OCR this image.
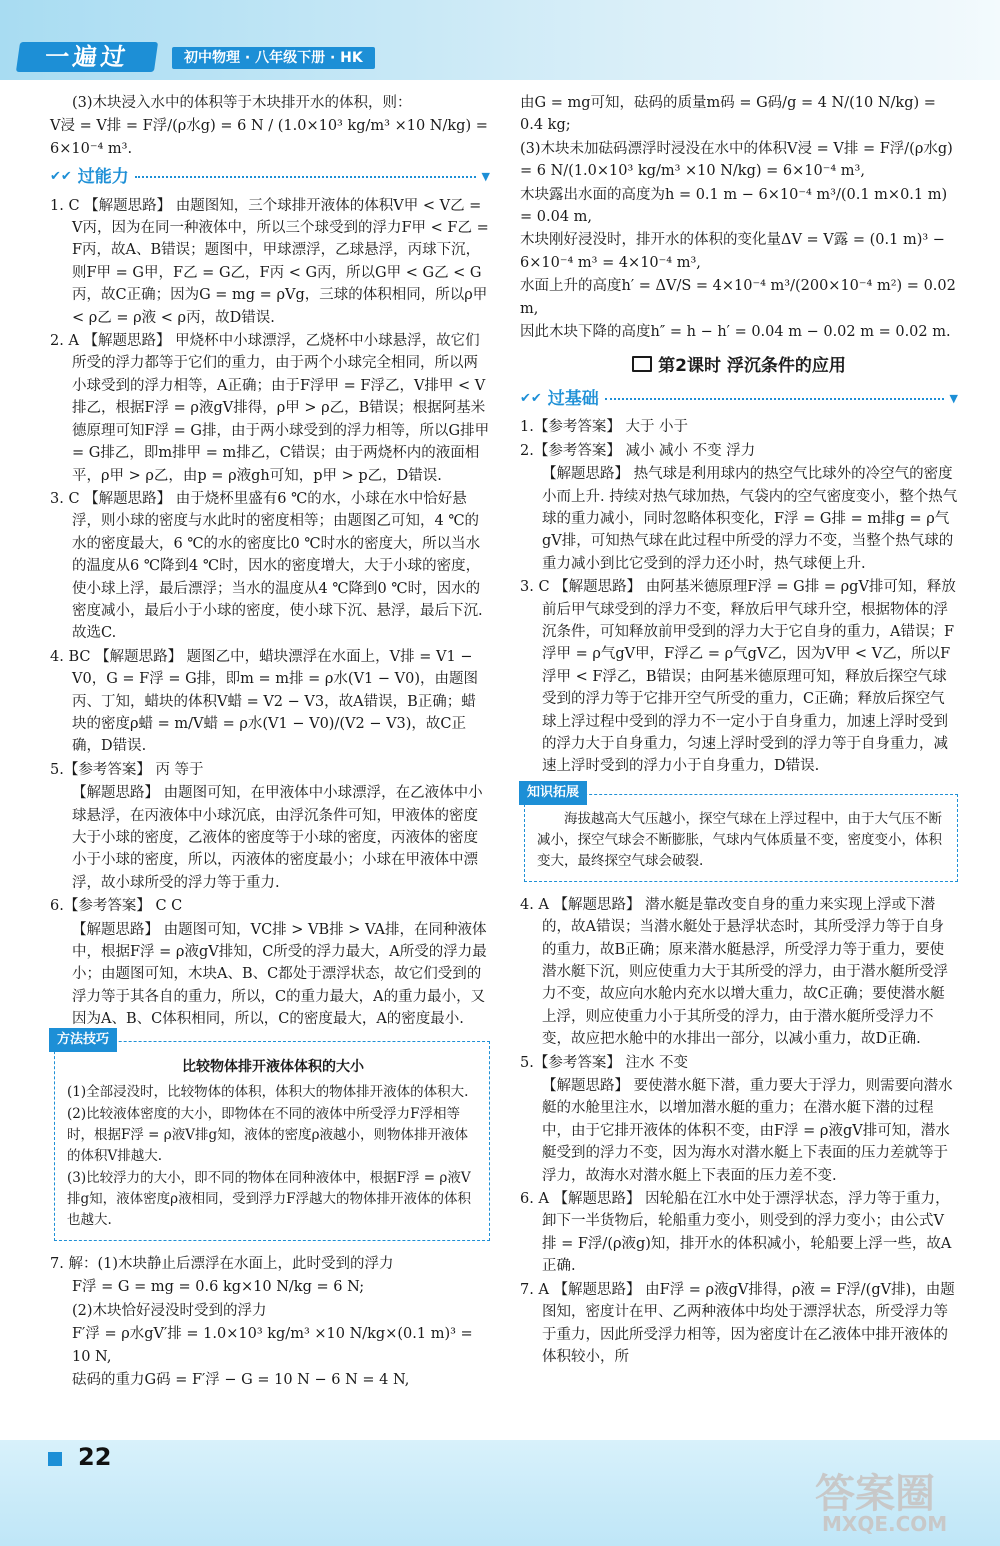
一遍过	初中物理 · 八年级下册 · HK

(3)木块浸入水中的体积等于木块排开水的体积，则：

V浸 = V排 = F浮/(ρ水g) = 6 N / (1.0×10³ kg/m³ ×10 N/kg) = 6×10⁻⁴ m³.

✔✔ 过能力	▼

1. C 【解题思路】 由题图知，三个球排开液体的体积V甲 < V乙 = V丙，因为在同一种液体中，所以三个球受到的浮力F甲 < F乙 = F丙，故A、B错误；题图中，甲球漂浮，乙球悬浮，丙球下沉，则F甲 = G甲，F乙 = G乙，F丙 < G丙，所以G甲 < G乙 < G丙，故C正确；因为G = mg = ρVg，三球的体积相同，所以ρ甲 < ρ乙 = ρ液 < ρ丙，故D错误.

2. A 【解题思路】 甲烧杯中小球漂浮，乙烧杯中小球悬浮，故它们所受的浮力都等于它们的重力，由于两个小球完全相同，所以两小球受到的浮力相等，A正确；由于F浮甲 = F浮乙，V排甲 < V排乙，根据F浮 = ρ液gV排得，ρ甲 > ρ乙，B错误；根据阿基米德原理可知F浮 = G排，由于两小球受到的浮力相等，所以G排甲 = G排乙，即m排甲 = m排乙，C错误；由于两烧杯内的液面相平，ρ甲 > ρ乙，由p = ρ液gh可知，p甲 > p乙，D错误.

3. C 【解题思路】 由于烧杯里盛有6 ℃的水，小球在水中恰好悬浮，则小球的密度与水此时的密度相等；由题图乙可知，4 ℃的水的密度最大，6 ℃的水的密度比0 ℃时水的密度大，所以当水的温度从6 ℃降到4 ℃时，因水的密度增大，大于小球的密度，使小球上浮，最后漂浮；当水的温度从4 ℃降到0 ℃时，因水的密度减小，最后小于小球的密度，使小球下沉、悬浮，最后下沉. 故选C.

4. BC 【解题思路】 题图乙中，蜡块漂浮在水面上，V排 = V1 − V0，G = F浮 = G排，即m = m排 = ρ水(V1 − V0)，由题图丙、丁知，蜡块的体积V蜡 = V2 − V3，故A错误，B正确；蜡块的密度ρ蜡 = m/V蜡 = ρ水(V1 − V0)/(V2 − V3)，故C正确，D错误.

5.【参考答案】 丙 等于

【解题思路】 由题图可知，在甲液体中小球漂浮，在乙液体中小球悬浮，在丙液体中小球沉底，由浮沉条件可知，甲液体的密度大于小球的密度，乙液体的密度等于小球的密度，丙液体的密度小于小球的密度，所以，丙液体的密度最小；小球在甲液体中漂浮，故小球所受的浮力等于重力.

6.【参考答案】 C C

【解题思路】 由题图可知，VC排 > VB排 > VA排，在同种液体中，根据F浮 = ρ液gV排知，C所受的浮力最大，A所受的浮力最小；由题图可知，木块A、B、C都处于漂浮状态，故它们受到的浮力等于其各自的重力，所以，C的重力最大，A的重力最小，又因为A、B、C体积相同，所以，C的密度最大，A的密度最小.

方法技巧
比较物体排开液体体积的大小

(1)全部浸没时，比较物体的体积，体积大的物体排开液体的体积大.

(2)比较液体密度的大小，即物体在不同的液体中所受浮力F浮相等时，根据F浮 = ρ液V排g知，液体的密度ρ液越小，则物体排开液体的体积V排越大.

(3)比较浮力的大小，即不同的物体在同种液体中，根据F浮 = ρ液V排g知，液体密度ρ液相同，受到浮力F浮越大的物体排开液体的体积也越大.

7. 解：(1)木块静止后漂浮在水面上，此时受到的浮力

F浮 = G = mg = 0.6 kg×10 N/kg = 6 N;

(2)木块恰好浸没时受到的浮力

F′浮 = ρ水gV′排 = 1.0×10³ kg/m³ ×10 N/kg×(0.1 m)³ = 10 N,

砝码的重力G码 = F′浮 − G = 10 N − 6 N = 4 N,

由G = mg可知，砝码的质量m码 = G码/g = 4 N/(10 N/kg) = 0.4 kg;

(3)木块未加砝码漂浮时浸没在水中的体积V浸 = V排 = F浮/(ρ水g) = 6 N/(1.0×10³ kg/m³ ×10 N/kg) = 6×10⁻⁴ m³,

木块露出水面的高度为h = 0.1 m − 6×10⁻⁴ m³/(0.1 m×0.1 m) = 0.04 m,

木块刚好浸没时，排开水的体积的变化量ΔV = V露 = (0.1 m)³ − 6×10⁻⁴ m³ = 4×10⁻⁴ m³,

水面上升的高度h′ = ΔV/S = 4×10⁻⁴ m³/(200×10⁻⁴ m²) = 0.02 m,

因此木块下降的高度h″ = h − h′ = 0.04 m − 0.02 m = 0.02 m.

第2课时 浮沉条件的应用
✔✔ 过基础	▼

1.【参考答案】 大于 小于

2.【参考答案】 减小 减小 不变 浮力

【解题思路】 热气球是利用球内的热空气比球外的冷空气的密度小而上升. 持续对热气球加热，气袋内的空气密度变小，整个热气球的重力减小，同时忽略体积变化，F浮 = G排 = m排g = ρ气gV排，可知热气球在此过程中所受的浮力不变，当整个热气球的重力减小到比它受到的浮力还小时，热气球便上升.

3. C 【解题思路】 由阿基米德原理F浮 = G排 = ρgV排可知，释放前后甲气球受到的浮力不变，释放后甲气球升空，根据物体的浮沉条件，可知释放前甲受到的浮力大于它自身的重力，A错误；F浮甲 = ρ气gV甲，F浮乙 = ρ气gV乙，因为V甲 < V乙，所以F浮甲 < F浮乙，B错误；由阿基米德原理可知，释放后探空气球受到的浮力等于它排开空气所受的重力，C正确；释放后探空气球上浮过程中受到的浮力不一定小于自身重力，加速上浮时受到的浮力大于自身重力，匀速上浮时受到的浮力等于自身重力，减速上浮时受到的浮力小于自身重力，D错误.

知识拓展

海拔越高大气压越小，探空气球在上浮过程中，由于大气压不断减小，探空气球会不断膨胀，气球内气体质量不变，密度变小，体积变大，最终探空气球会破裂.

4. A 【解题思路】 潜水艇是靠改变自身的重力来实现上浮或下潜的，故A错误；当潜水艇处于悬浮状态时，其所受浮力等于自身的重力，故B正确；原来潜水艇悬浮，所受浮力等于重力，要使潜水艇下沉，则应使重力大于其所受的浮力，由于潜水艇所受浮力不变，故应向水舱内充水以增大重力，故C正确；要使潜水艇上浮，则应使重力小于其所受的浮力，由于潜水艇所受浮力不变，故应把水舱中的水排出一部分，以减小重力，故D正确.

5.【参考答案】 注水 不变

【解题思路】 要使潜水艇下潜，重力要大于浮力，则需要向潜水艇的水舱里注水，以增加潜水艇的重力；在潜水艇下潜的过程中，由于它排开液体的体积不变，由F浮 = ρ液gV排可知，潜水艇受到的浮力不变，因为海水对潜水艇上下表面的压力差就等于浮力，故海水对潜水艇上下表面的压力差不变.

6. A 【解题思路】 因轮船在江水中处于漂浮状态，浮力等于重力，卸下一半货物后，轮船重力变小，则受到的浮力变小；由公式V排 = F浮/(ρ液g)知，排开水的体积减小，轮船要上浮一些，故A正确.

7. A 【解题思路】 由F浮 = ρ液gV排得，ρ液 = F浮/(gV排)，由题图知，密度计在甲、乙两种液体中均处于漂浮状态，所受浮力等于重力，因此所受浮力相等，因为密度计在乙液体中排开液体的体积较小，所

22
答案圈
MXQE.COM
